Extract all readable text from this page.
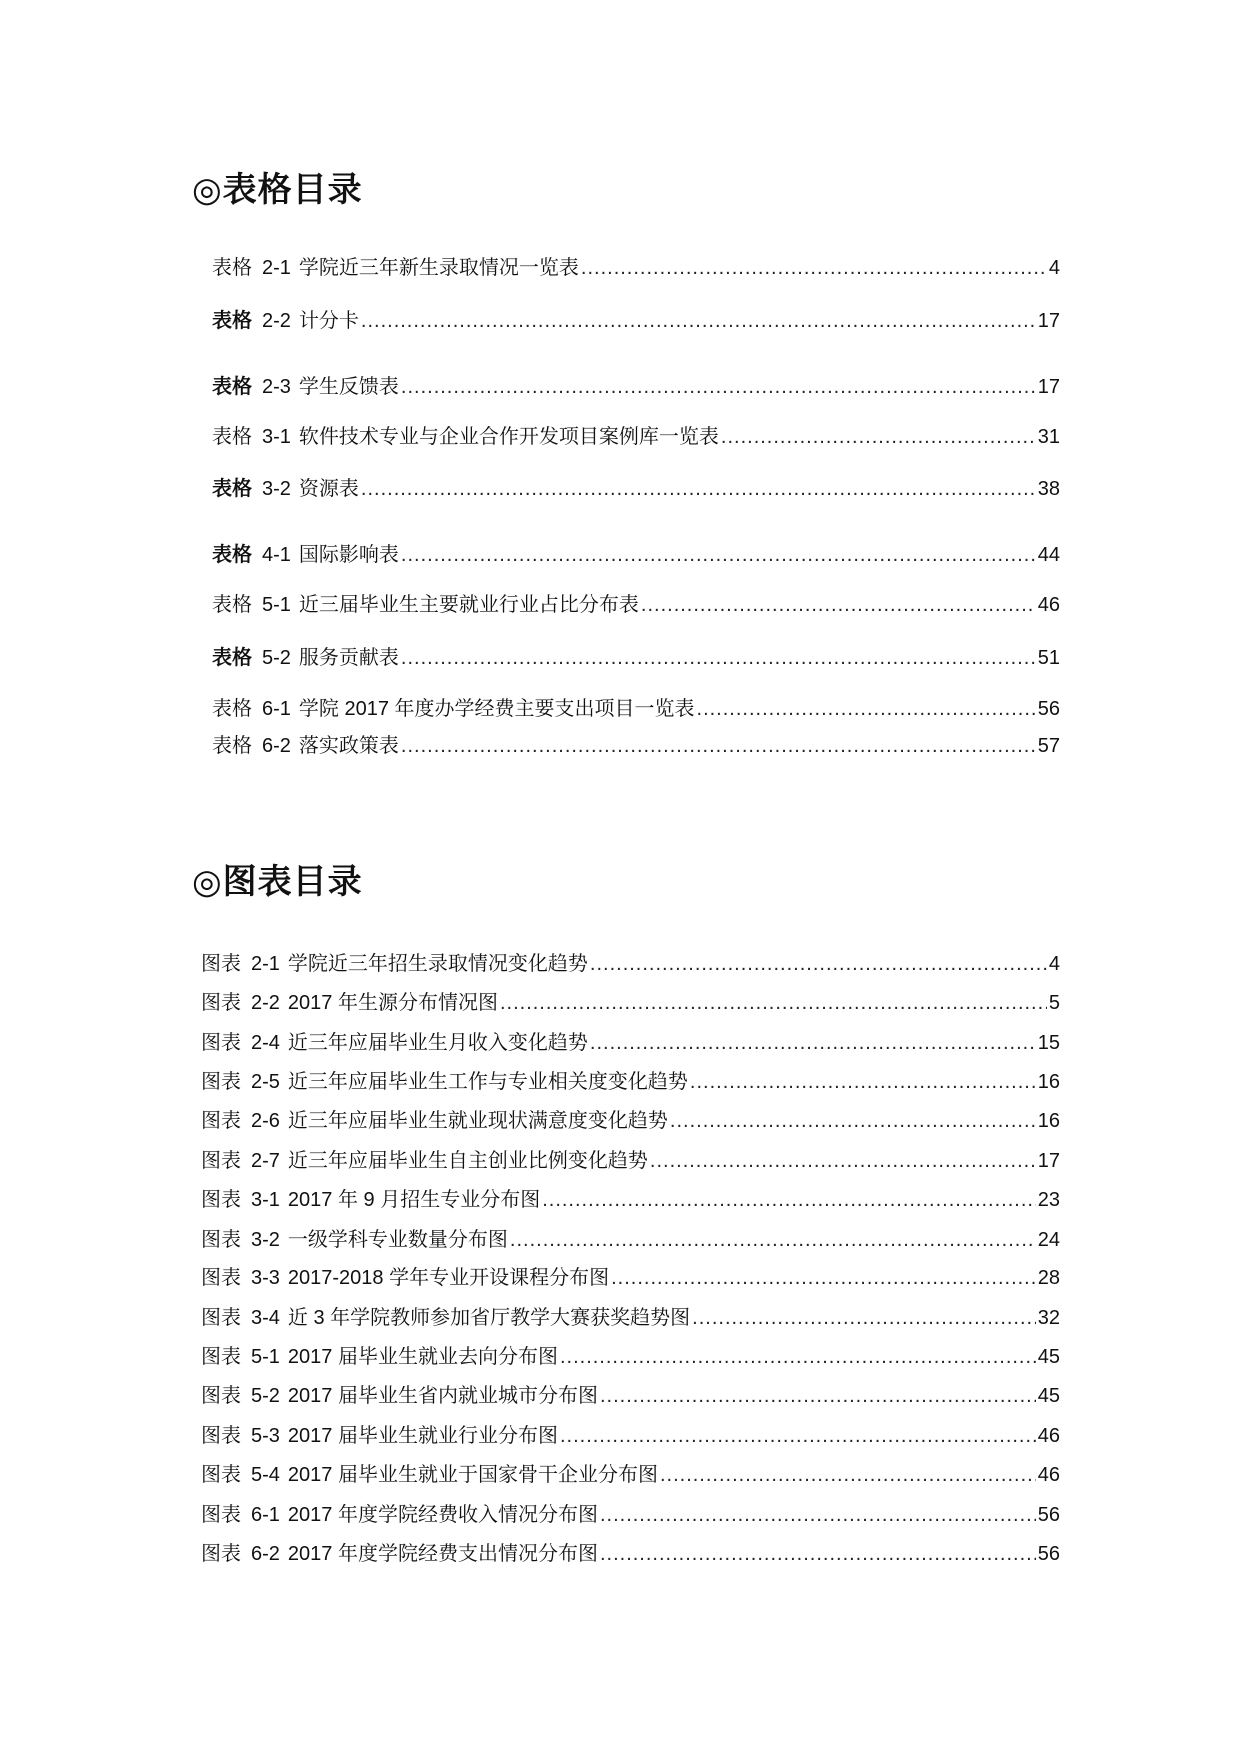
◎表格目录
表格 2-1 学院近三年新生录取情况一览表 .....	4
表格 2-2 计分卡 .....	17
表格 2-3 学生反馈表 .....	17
表格 3-1 软件技术专业与企业合作开发项目案例库一览表 .....	31
表格 3-2 资源表 .....	38
表格 4-1 国际影响表 .....	44
表格 5-1 近三届毕业生主要就业行业占比分布表 .....	46
表格 5-2 服务贡献表 .....	51
表格 6-1 学院 2017 年度办学经费主要支出项目一览表 .....	56
表格 6-2 落实政策表 .....	57
◎图表目录
图表 2-1 学院近三年招生录取情况变化趋势 .....	4
图表 2-2 2017 年生源分布情况图 .....	5
图表 2-4 近三年应届毕业生月收入变化趋势 .....	15
图表 2-5 近三年应届毕业生工作与专业相关度变化趋势 .....	16
图表 2-6 近三年应届毕业生就业现状满意度变化趋势 .....	16
图表 2-7 近三年应届毕业生自主创业比例变化趋势 .....	17
图表 3-1 2017 年 9 月招生专业分布图 .....	23
图表 3-2 一级学科专业数量分布图 .....	24
图表 3-3 2017-2018 学年专业开设课程分布图 .....	28
图表 3-4 近 3 年学院教师参加省厅教学大赛获奖趋势图 .....	32
图表 5-1 2017 届毕业生就业去向分布图 .....	45
图表 5-2 2017 届毕业生省内就业城市分布图 .....	45
图表 5-3 2017 届毕业生就业行业分布图 .....	46
图表 5-4 2017 届毕业生就业于国家骨干企业分布图 .....	46
图表 6-1 2017 年度学院经费收入情况分布图 .....	56
图表 6-2 2017 年度学院经费支出情况分布图 .....	56
